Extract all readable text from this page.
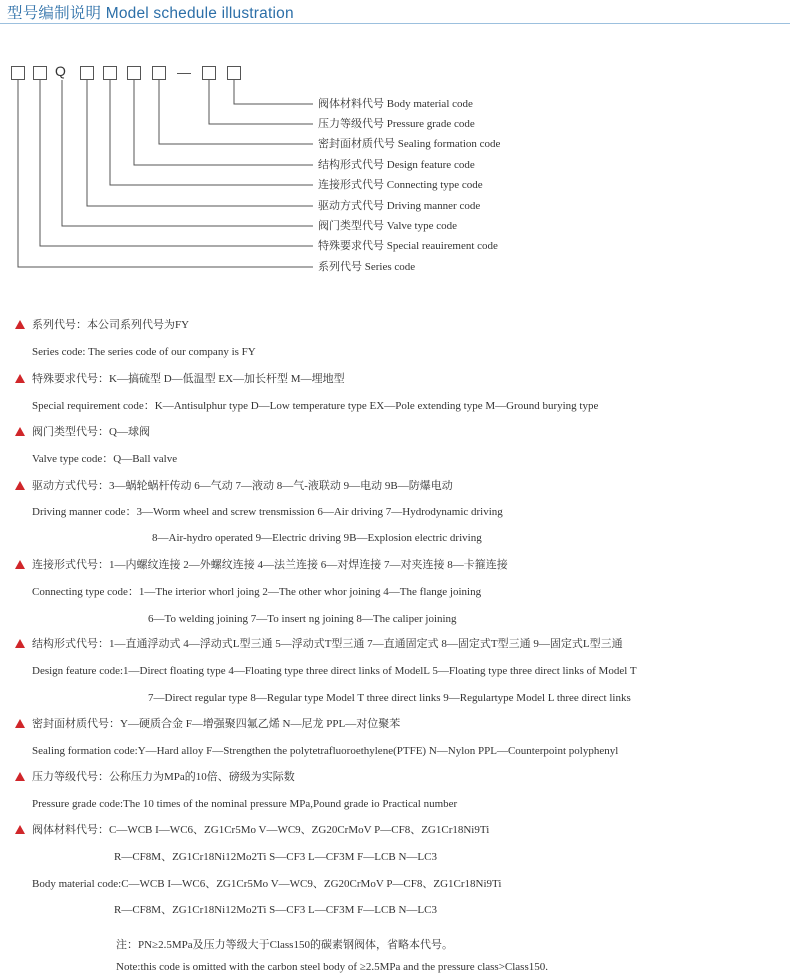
型号编制说明 Model schedule illustration
Q
阀体材料代号 Body material code
压力等级代号 Pressure grade code
密封面材质代号 Sealing formation code
结构形式代号 Design feature code
连接形式代号 Connecting type code
驱动方式代号 Driving manner code
阀门类型代号 Valve type code
特殊要求代号 Special reauirement code
系列代号 Series code
系列代号：本公司系列代号为FY
Series code: The series code of our company is FY
特殊要求代号：K—搞硫型 D—低温型 EX—加长杆型 M—埋地型
Special requirement code：K—Antisulphur type D—Low temperature type EX—Pole extending type M—Ground burying type
阀门类型代号：Q—球阀
Valve type code：Q—Ball valve
驱动方式代号：3—蜗轮蜗杆传动 6—气动 7—液动 8—气-液联动 9—电动 9B—防爆电动
Driving manner code：3—Worm wheel and screw trensmission 6—Air driving 7—Hydrodynamic driving
8—Air-hydro operated 9—Electric driving 9B—Explosion electric driving
连接形式代号：1—内螺纹连接 2—外螺纹连接 4—法兰连接 6—对焊连接 7—对夹连接 8—卡箍连接
Connecting type code：1—The irterior whorl joing 2—The other whor joining 4—The flange joining
6—To welding joining 7—To insert ng joining 8—The caliper joining
结构形式代号：1—直通浮动式 4—浮动式L型三通 5—浮动式T型三通 7—直通固定式 8—固定式T型三通 9—固定式L型三通
Design feature code:1—Direct floating type 4—Floating type three direct links of ModelL 5—Floating type three direct links of Model T
7—Direct regular type 8—Regular type Model T three direct links 9—Regulartype Model L three direct links
密封面材质代号：Y—硬质合金 F—增强聚四氟乙烯 N—尼龙 PPL—对位聚苯
Sealing formation code:Y—Hard alloy F—Strengthen the polytetrafluoroethylene(PTFE) N—Nylon PPL—Counterpoint polyphenyl
压力等级代号：公称压力为MPa的10倍、磅级为实际数
Pressure grade code:The 10 times of the nominal pressure MPa,Pound grade io Practical number
阀体材料代号：C—WCB I—WC6、ZG1Cr5Mo V—WC9、ZG20CrMoV P—CF8、ZG1Cr18Ni9Ti
R—CF8M、ZG1Cr18Ni12Mo2Ti S—CF3 L—CF3M F—LCB N—LC3
Body material code:C—WCB I—WC6、ZG1Cr5Mo V—WC9、ZG20CrMoV P—CF8、ZG1Cr18Ni9Ti
R—CF8M、ZG1Cr18Ni12Mo2Ti S—CF3 L—CF3M F—LCB N—LC3
注：PN≥2.5MPa及压力等级大于Class150的碳素钢阀体，省略本代号。
Note:this code is omitted with the carbon steel body of ≥2.5MPa and the pressure class>Class150.
